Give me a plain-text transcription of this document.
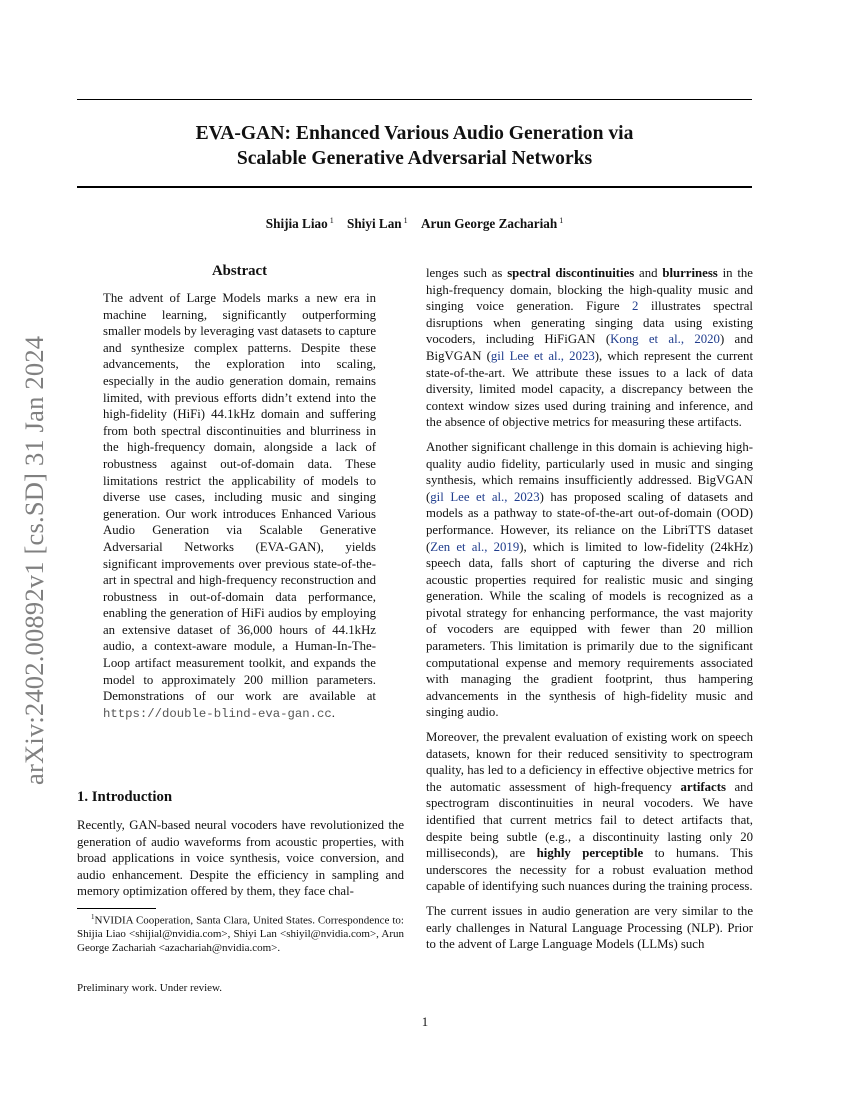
arXiv:2402.00892v1 [cs.SD] 31 Jan 2024
EVA-GAN: Enhanced Various Audio Generation via
Scalable Generative Adversarial Networks
Shijia Liao $^1$ Shiyi Lan $^1$ Arun George Zachariah $^1$
Abstract
The advent of Large Models marks a new era in machine learning, significantly outperforming smaller models by leveraging vast datasets to capture and synthesize complex patterns. Despite these advancements, the exploration into scaling, especially in the audio generation domain, remains limited, with previous efforts didn’t extend into the high-fidelity (HiFi) 44.1kHz domain and suffering from both spectral discontinuities and blurriness in the high-frequency domain, alongside a lack of robustness against out-of-domain data. These limitations restrict the applicability of models to diverse use cases, including music and singing generation. Our work introduces Enhanced Various Audio Generation via Scalable Generative Adversarial Networks (EVA-GAN), yields significant improvements over previous state-of-the-art in spectral and high-frequency reconstruction and robustness in out-of-domain data performance, enabling the generation of HiFi audios by employing an extensive dataset of 36,000 hours of 44.1kHz audio, a context-aware module, a Human-In-The-Loop artifact measurement toolkit, and expands the model to approximately 200 million parameters. Demonstrations of our work are available at https://double-blind-eva-gan.cc.
1. Introduction
Recently, GAN-based neural vocoders have revolutionized the generation of audio waveforms from acoustic properties, with broad applications in voice synthesis, voice conversion, and audio enhancement. Despite the efficiency in sampling and memory optimization offered by them, they face chal-
$^1$NVIDIA Cooperation, Santa Clara, United States. Correspondence to: Shijia Liao <shijial@nvidia.com>, Shiyi Lan <shiyil@nvidia.com>, Arun George Zachariah <azachariah@nvidia.com>.
Preliminary work. Under review.

lenges such as spectral discontinuities and blurriness in the high-frequency domain, blocking the high-quality music and singing voice generation. Figure 2 illustrates spectral disruptions when generating singing data using existing vocoders, including HiFiGAN (Kong et al., 2020) and BigVGAN (gil Lee et al., 2023), which represent the current state-of-the-art. We attribute these issues to a lack of data diversity, limited model capacity, a discrepancy between the context window sizes used during training and inference, and the absence of objective metrics for measuring these artifacts.

Another significant challenge in this domain is achieving high-quality audio fidelity, particularly used in music and singing synthesis, which remains insufficiently addressed. BigVGAN (gil Lee et al., 2023) has proposed scaling of datasets and models as a pathway to state-of-the-art out-of-domain (OOD) performance. However, its reliance on the LibriTTS dataset (Zen et al., 2019), which is limited to low-fidelity (24kHz) speech data, falls short of capturing the diverse and rich acoustic properties required for realistic music and singing generation. While the scaling of models is recognized as a pivotal strategy for enhancing performance, the vast majority of vocoders are equipped with fewer than 20 million parameters. This limitation is primarily due to the significant computational expense and memory requirements associated with managing the gradient footprint, thus hampering advancements in the synthesis of high-fidelity music and singing audio.

Moreover, the prevalent evaluation of existing work on speech datasets, known for their reduced sensitivity to spectrogram quality, has led to a deficiency in effective objective metrics for the automatic assessment of high-frequency artifacts and spectrogram discontinuities in neural vocoders. We have identified that current metrics fail to detect artifacts that, despite being subtle (e.g., a discontinuity lasting only 20 milliseconds), are highly perceptible to humans. This underscores the necessity for a robust evaluation method capable of identifying such nuances during the training process.

The current issues in audio generation are very similar to the early challenges in Natural Language Processing (NLP). Prior to the advent of Large Language Models (LLMs) such

1
